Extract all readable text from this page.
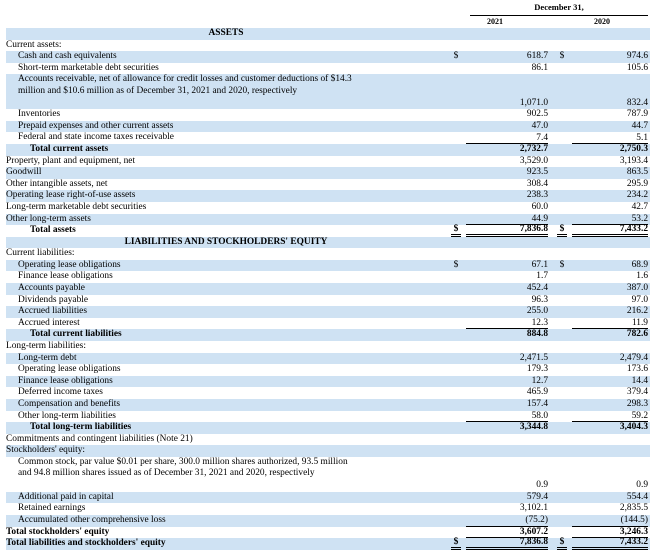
December 31,
2021	2020
ASSETS
Current assets:
Cash and cash equivalents	$	618.7 $	974.6
Short-term marketable debt securities	86.1	105.6
Accounts receivable, net of allowance for credit losses and customer deductions of $14.3 million and $10.6 million as of December 31, 2021 and 2020, respectively
1,071.0	832.4
Inventories	902.5	787.9
Prepaid expenses and other current assets	47.0	44.7
Federal and state income taxes receivable	7.4	5.1
Total current assets	2,732.7	2,750.3
Property, plant and equipment, net	3,529.0	3,193.4
Goodwill	923.5	863.5
Other intangible assets, net	308.4	295.9
Operating lease right-of-use assets	238.3	234.2
Long-term marketable debt securities	60.0	42.7
Other long-term assets	44.9	53.2
Total assets	$	7,836.8 $	7,433.2
LIABILITIES AND STOCKHOLDERS' EQUITY
Current liabilities:
Operating lease obligations	$	67.1 $	68.9
Finance lease obligations	1.7	1.6
Accounts payable	452.4	387.0
Dividends payable	96.3	97.0
Accrued liabilities	255.0	216.2
Accrued interest	12.3	11.9
Total current liabilities	884.8	782.6
Long-term liabilities:
Long-term debt	2,471.5	2,479.4
Operating lease obligations	179.3	173.6
Finance lease obligations	12.7	14.4
Deferred income taxes	465.9	379.4
Compensation and benefits	157.4	298.3
Other long-term liabilities	58.0	59.2
Total long-term liabilities	3,344.8	3,404.3
Commitments and contingent liabilities (Note 21)
Stockholders' equity:
Common stock, par value $0.01 per share, 300.0 million shares authorized, 93.5 million and 94.8 million shares issued as of December 31, 2021 and 2020, respectively
0.9	0.9
Additional paid in capital	579.4	554.4
Retained earnings	3,102.1	2,835.5
Accumulated other comprehensive loss	(75.2)	(144.5)
Total stockholders' equity	3,607.2	3,246.3
Total liabilities and stockholders' equity	$	7,836.8 $	7,433.2
